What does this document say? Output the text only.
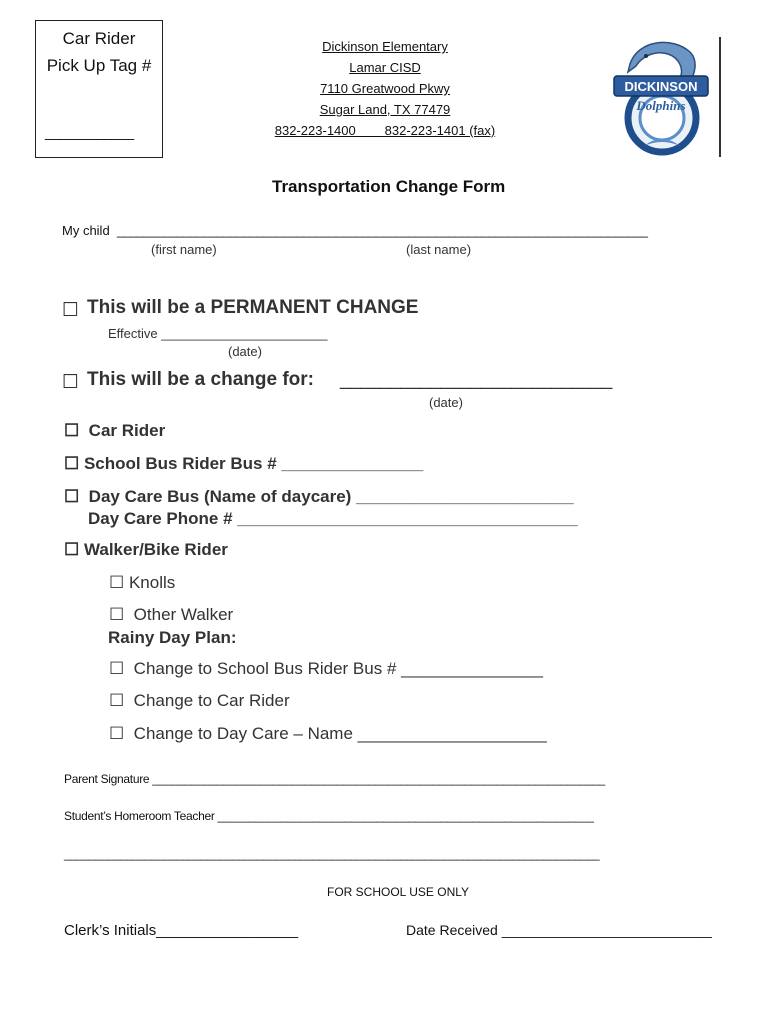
Car Rider
Pick Up Tag #
____________
Dickinson Elementary
Lamar CISD
7110 Greatwood Pkwy
Sugar Land, TX 77479
832-223-1400        832-223-1401 (fax)
DICKINSON
Dolphins
Transportation Change Form
My child ________________________________________________________________________________
(first name)	(last name)
☐ This will be a PERMANENT CHANGE
Effective _______________________
(date)
☐ This will be a change for: ___________________________
(date)
☐  Car Rider
☐ School Bus Rider Bus # _______________
☐  Day Care Bus (Name of daycare) _______________________
Day Care Phone # ____________________________________
☐ Walker/Bike Rider
☐ Knolls
☐  Other Walker
Rainy Day Plan:
☐  Change to School Bus Rider Bus # _______________
☐  Change to Car Rider
☐  Change to Day Care – Name ____________________
Parent Signature _______________________________________________________________________
Student’s Homeroom Teacher ___________________________________________________________
______________________________________________________________________________________
FOR SCHOOL USE ONLY
Clerk’s Initials_________________	Date Received ___________________________
